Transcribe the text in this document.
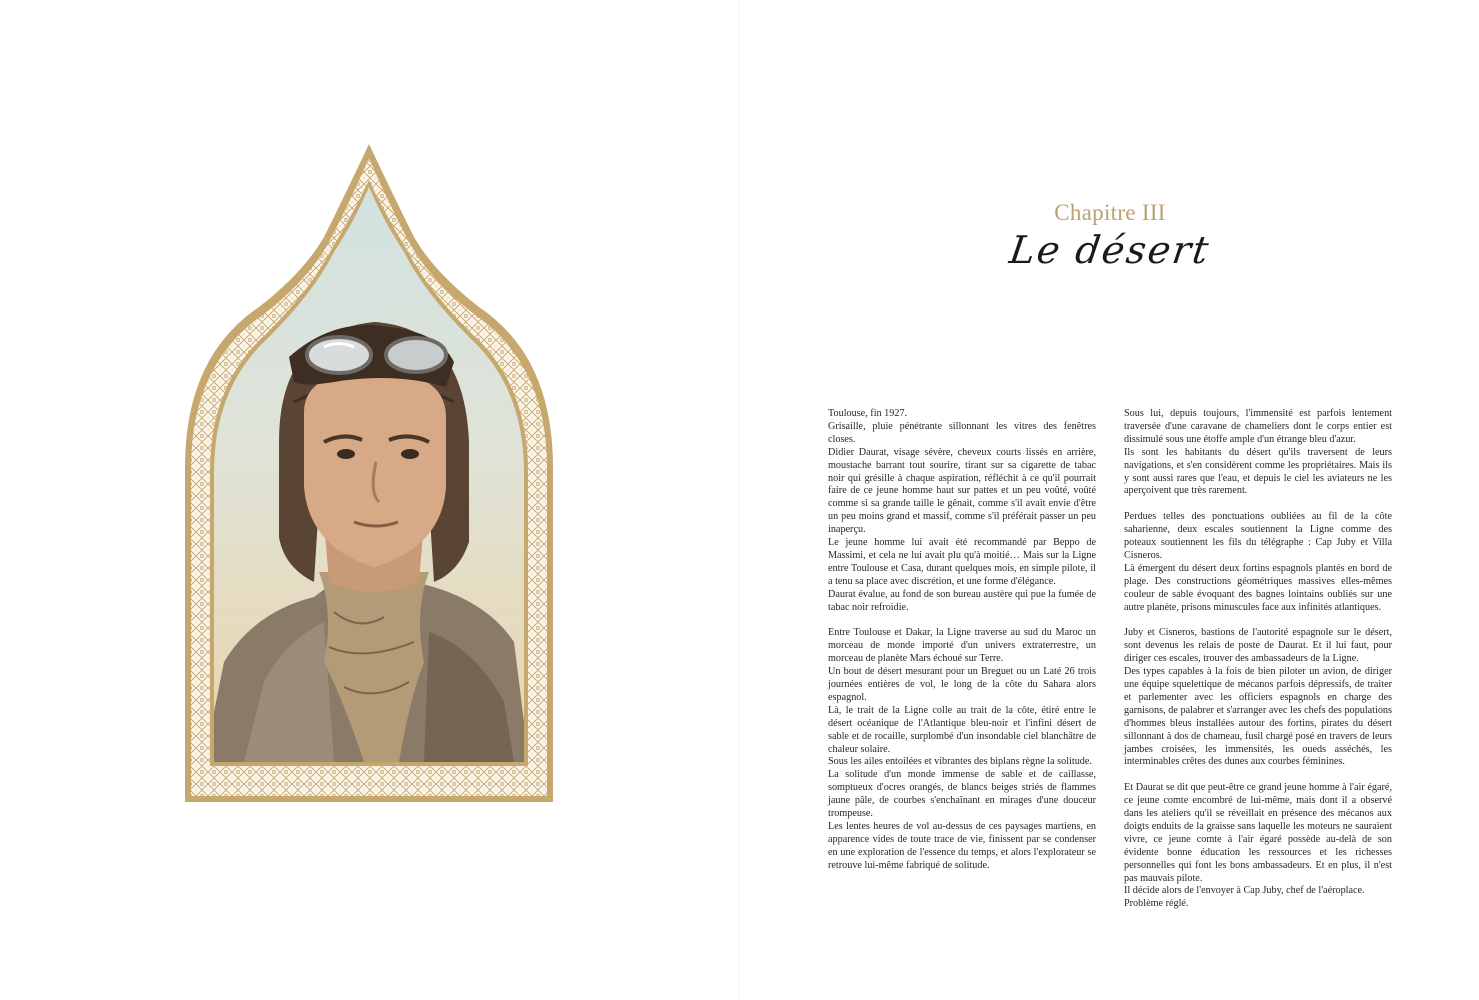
Chapitre III
Le désert

Toulouse, fin 1927.

Grisaille, pluie pénétrante sillonnant les vitres des fenêtres closes.

Didier Daurat, visage sévère, cheveux courts lissés en arrière, moustache barrant tout sourire, tirant sur sa cigarette de tabac noir qui grésille à chaque aspiration, réfléchit à ce qu'il pourrait faire de ce jeune homme haut sur pattes et un peu voûté, voûté comme si sa grande taille le gênait, comme s'il avait envie d'être un peu moins grand et massif, comme s'il préférait passer un peu inaperçu.

Le jeune homme lui avait été recommandé par Beppo de Massimi, et cela ne lui avait plu qu'à moitié… Mais sur la Ligne entre Toulouse et Casa, durant quelques mois, en simple pilote, il a tenu sa place avec discrétion, et une forme d'élégance.

Daurat évalue, au fond de son bureau austère qui pue la fumée de tabac noir refroidie.

Entre Toulouse et Dakar, la Ligne traverse au sud du Maroc un morceau de monde importé d'un univers extraterrestre, un morceau de planète Mars échoué sur Terre.

Un bout de désert mesurant pour un Breguet ou un Laté 26 trois journées entières de vol, le long de la côte du Sahara alors espagnol.

Là, le trait de la Ligne colle au trait de la côte, étiré entre le désert océanique de l'Atlantique bleu-noir et l'infini désert de sable et de rocaille, surplombé d'un insondable ciel blanchâtre de chaleur solaire.

Sous les ailes entoilées et vibrantes des biplans règne la solitude.

La solitude d'un monde immense de sable et de caillasse, somptueux d'ocres orangés, de blancs beiges striés de flammes jaune pâle, de courbes s'enchaînant en mirages d'une douceur trompeuse.

Les lentes heures de vol au-dessus de ces paysages martiens, en apparence vides de toute trace de vie, finissent par se condenser en une exploration de l'essence du temps, et alors l'explorateur se retrouve lui-même fabriqué de solitude.

Sous lui, depuis toujours, l'immensité est parfois lentement traversée d'une caravane de chameliers dont le corps entier est dissimulé sous une étoffe ample d'un étrange bleu d'azur.

Ils sont les habitants du désert qu'ils traversent de leurs navigations, et s'en considèrent comme les propriétaires. Mais ils y sont aussi rares que l'eau, et depuis le ciel les aviateurs ne les aperçoivent que très rarement.

Perdues telles des ponctuations oubliées au fil de la côte saharienne, deux escales soutiennent la Ligne comme des poteaux soutiennent les fils du télégraphe : Cap Juby et Villa Cisneros.

Là émergent du désert deux fortins espagnols plantés en bord de plage. Des constructions géométriques massives elles-mêmes couleur de sable évoquant des bagnes lointains oubliés sur une autre planète, prisons minuscules face aux infinités atlantiques.

Juby et Cisneros, bastions de l'autorité espagnole sur le désert, sont devenus les relais de poste de Daurat. Et il lui faut, pour diriger ces escales, trouver des ambassadeurs de la Ligne.

Des types capables à la fois de bien piloter un avion, de diriger une équipe squelettique de mécanos parfois dépressifs, de traiter et parlementer avec les officiers espagnols en charge des garnisons, de palabrer et s'arranger avec les chefs des populations d'hommes bleus installées autour des fortins, pirates du désert sillonnant à dos de chameau, fusil chargé posé en travers de leurs jambes croisées, les immensités, les oueds asséchés, les interminables crêtes des dunes aux courbes féminines.

Et Daurat se dit que peut-être ce grand jeune homme à l'air égaré, ce jeune comte encombré de lui-même, mais dont il a observé dans les ateliers qu'il se réveillait en présence des mécanos aux doigts enduits de la graisse sans laquelle les moteurs ne sauraient vivre, ce jeune comte à l'air égaré possède au-delà de son évidente bonne éducation les ressources et les richesses personnelles qui font les bons ambassadeurs. Et en plus, il n'est pas mauvais pilote.

Il décide alors de l'envoyer à Cap Juby, chef de l'aéroplace.

Problème réglé.
